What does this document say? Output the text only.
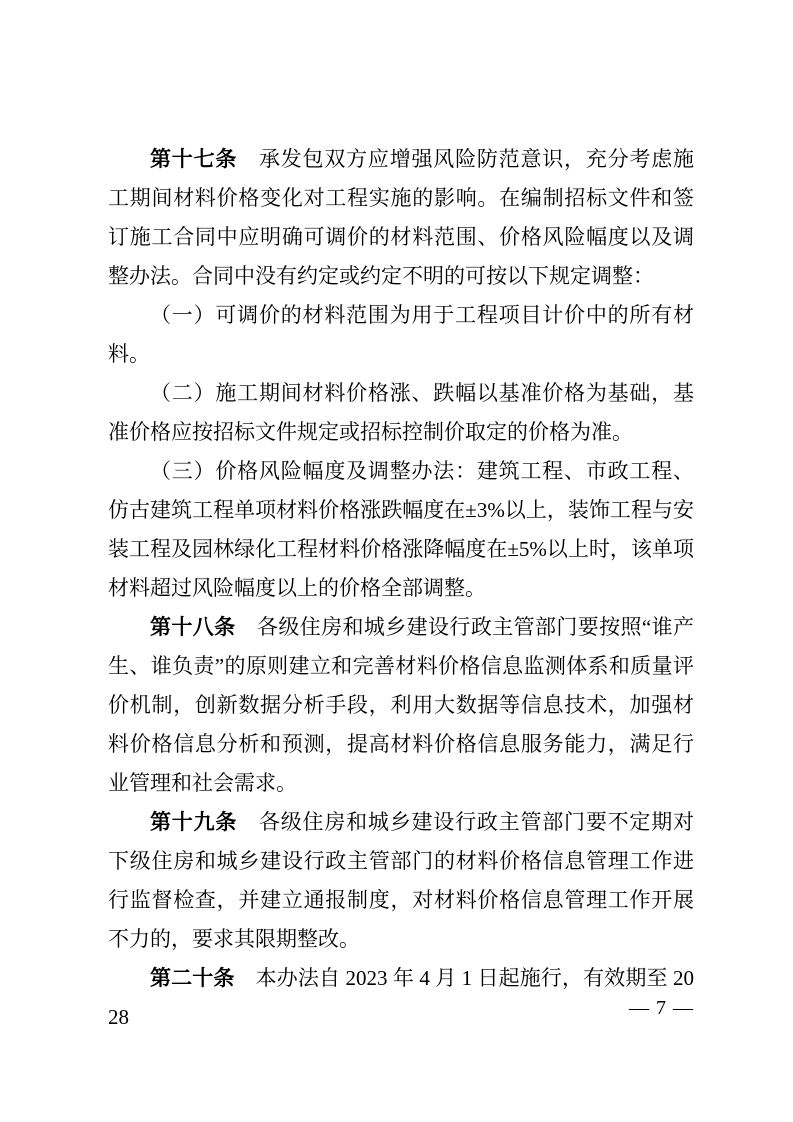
第十七条 承发包双方应增强风险防范意识，充分考虑施工期间材料价格变化对工程实施的影响。在编制招标文件和签订施工合同中应明确可调价的材料范围、价格风险幅度以及调整办法。合同中没有约定或约定不明的可按以下规定调整：

（一）可调价的材料范围为用于工程项目计价中的所有材料。

（二）施工期间材料价格涨、跌幅以基准价格为基础，基准价格应按招标文件规定或招标控制价取定的价格为准。

（三）价格风险幅度及调整办法：建筑工程、市政工程、仿古建筑工程单项材料价格涨跌幅度在±3%以上，装饰工程与安装工程及园林绿化工程材料价格涨降幅度在±5%以上时，该单项材料超过风险幅度以上的价格全部调整。

第十八条 各级住房和城乡建设行政主管部门要按照“谁产生、谁负责”的原则建立和完善材料价格信息监测体系和质量评价机制，创新数据分析手段，利用大数据等信息技术，加强材料价格信息分析和预测，提高材料价格信息服务能力，满足行业管理和社会需求。

第十九条 各级住房和城乡建设行政主管部门要不定期对下级住房和城乡建设行政主管部门的材料价格信息管理工作进行监督检查，并建立通报制度，对材料价格信息管理工作开展不力的，要求其限期整改。

第二十条 本办法自 2023 年 4 月 1 日起施行，有效期至 2028	— 7 —
